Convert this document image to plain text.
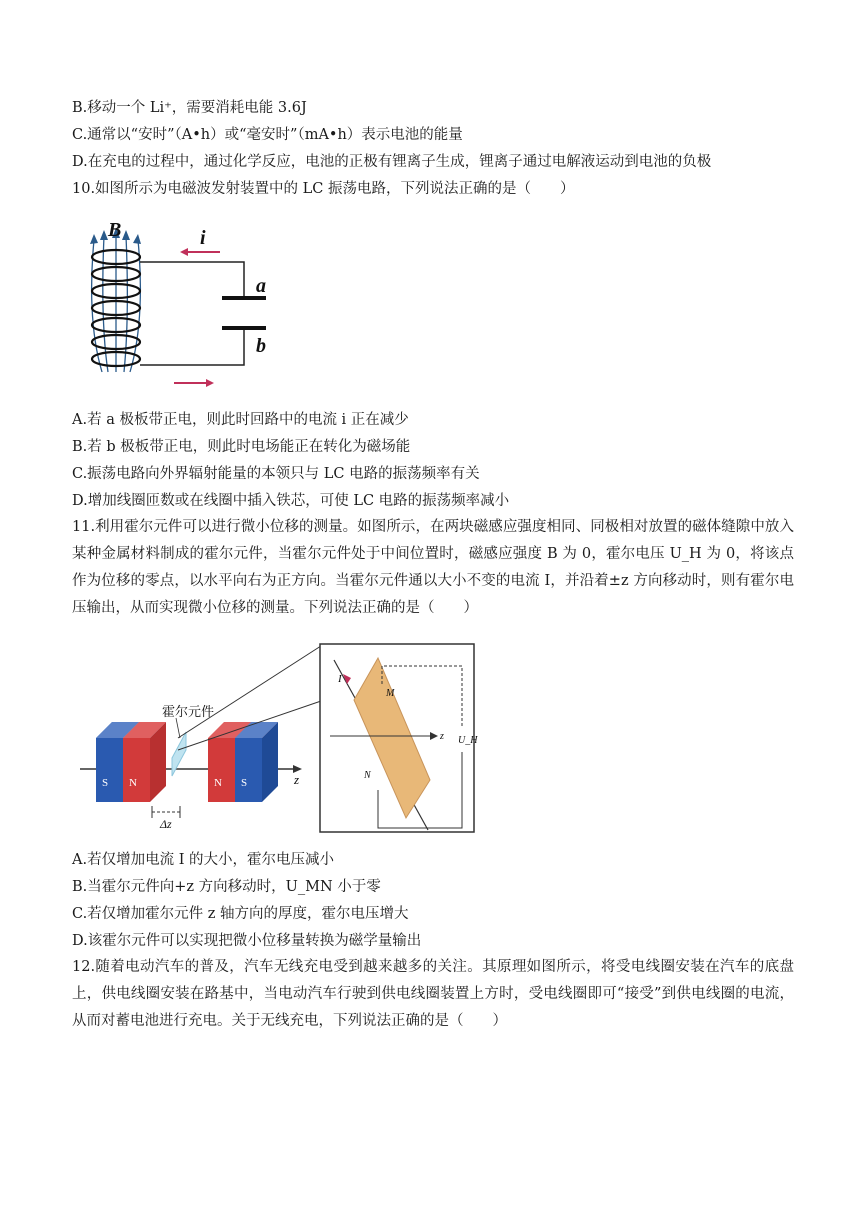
B.移动一个 Li⁺，需要消耗电能 3.6J
C.通常以“安时”（A•h）或“毫安时”（mA•h）表示电池的能量
D.在充电的过程中，通过化学反应，电池的正极有锂离子生成，锂离子通过电解液运动到电池的负极
10.如图所示为电磁波发射装置中的 LC 振荡电路，下列说法正确的是（　　）
B	i
a
b
A.若 a 极板带正电，则此时回路中的电流 i 正在减少
B.若 b 极板带正电，则此时电场能正在转化为磁场能
C.振荡电路向外界辐射能量的本领只与 LC 电路的振荡频率有关
D.增加线圈匝数或在线圈中插入铁芯，可使 LC 电路的振荡频率减小
11.利用霍尔元件可以进行微小位移的测量。如图所示，在两块磁感应强度相同、同极相对放置的磁体缝隙中放入某种金属材料制成的霍尔元件，当霍尔元件处于中间位置时，磁感应强度 B 为 0，霍尔电压 U_H 为 0，将该点作为位移的零点，以水平向右为正方向。当霍尔元件通以大小不变的电流 I，并沿着±z 方向移动时，则有霍尔电压输出，从而实现微小位移的测量。下列说法正确的是（　　）
z
S N
霍尔元件
N S
Δz
I
z
M
N
U_H
A.若仅增加电流 I 的大小，霍尔电压减小
B.当霍尔元件向+z 方向移动时，U_MN 小于零
C.若仅增加霍尔元件 z 轴方向的厚度，霍尔电压增大
D.该霍尔元件可以实现把微小位移量转换为磁学量输出
12.随着电动汽车的普及，汽车无线充电受到越来越多的关注。其原理如图所示，将受电线圈安装在汽车的底盘上，供电线圈安装在路基中，当电动汽车行驶到供电线圈装置上方时，受电线圈即可“接受”到供电线圈的电流，从而对蓄电池进行充电。关于无线充电，下列说法正确的是（　　）
